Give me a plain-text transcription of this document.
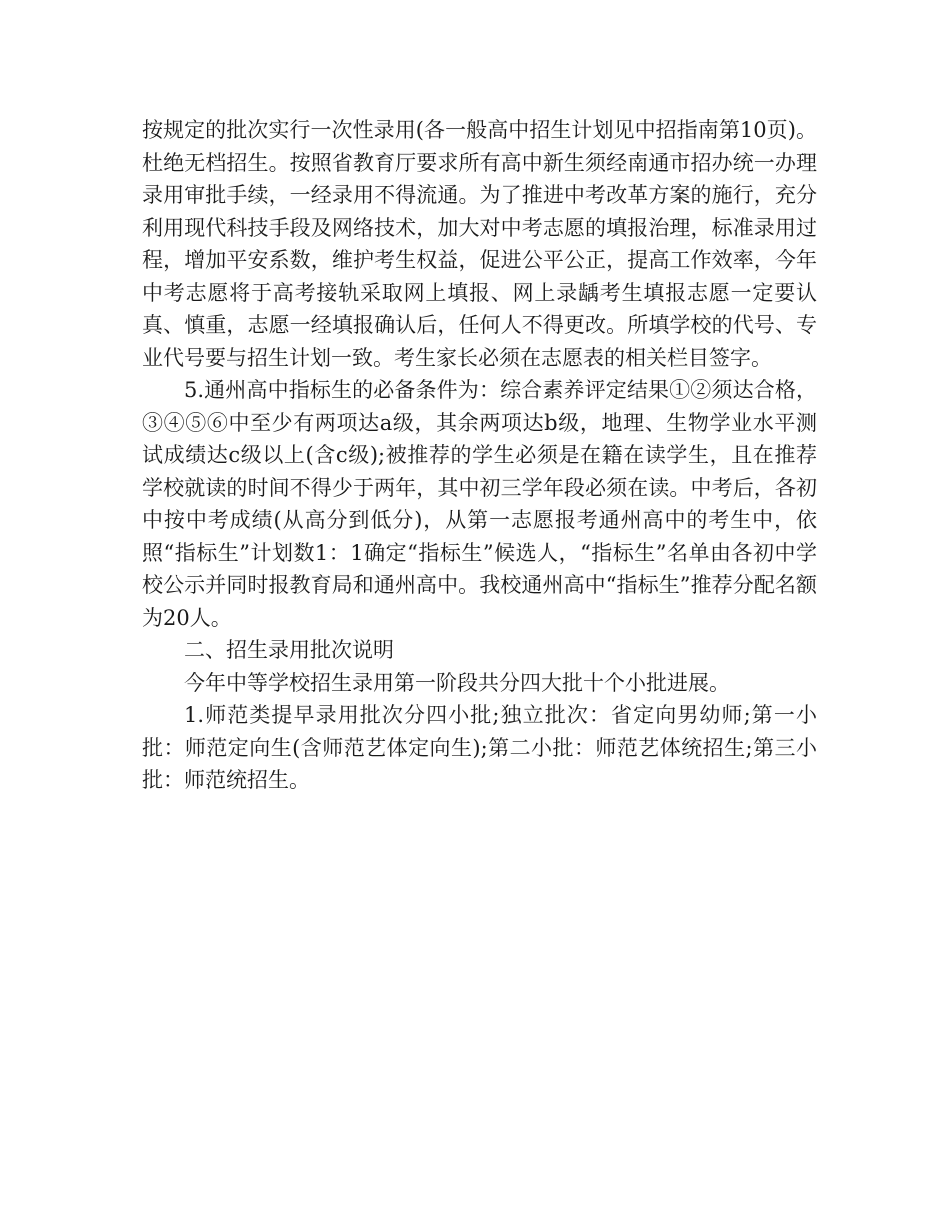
按规定的批次实行一次性录用(各一般高中招生计划见中招指南第10页)。杜绝无档招生。按照省教育厅要求所有高中新生须经南通市招办统一办理录用审批手续，一经录用不得流通。为了推进中考改革方案的施行，充分利用现代科技手段及网络技术，加大对中考志愿的填报治理，标准录用过程，增加平安系数，维护考生权益，促进公平公正，提高工作效率，今年中考志愿将于高考接轨采取网上填报、网上录龋考生填报志愿一定要认真、慎重，志愿一经填报确认后，任何人不得更改。所填学校的代号、专业代号要与招生计划一致。考生家长必须在志愿表的相关栏目签字。

5.通州高中指标生的必备条件为：综合素养评定结果①②须达合格，③④⑤⑥中至少有两项达a级，其余两项达b级，地理、生物学业水平测试成绩达c级以上(含c级);被推荐的学生必须是在籍在读学生，且在推荐学校就读的时间不得少于两年，其中初三学年段必须在读。中考后，各初中按中考成绩(从高分到低分)，从第一志愿报考通州高中的考生中，依照“指标生”计划数1：1确定“指标生”候选人，“指标生”名单由各初中学校公示并同时报教育局和通州高中。我校通州高中“指标生”推荐分配名额为20人。

二、招生录用批次说明

今年中等学校招生录用第一阶段共分四大批十个小批进展。

1.师范类提早录用批次分四小批;独立批次：省定向男幼师;第一小批：师范定向生(含师范艺体定向生);第二小批：师范艺体统招生;第三小批：师范统招生。
